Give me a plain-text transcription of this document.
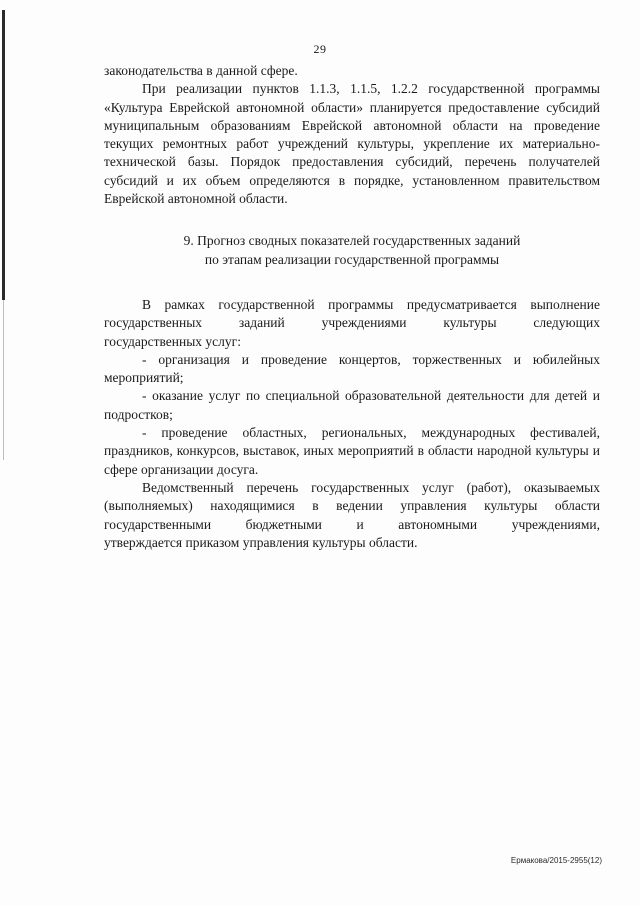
29

законодательства в данной сфере.

При реализации пунктов 1.1.3, 1.1.5, 1.2.2 государственной программы «Культура Еврейской автономной области» планируется предоставление субсидий муниципальным образованиям Еврейской автономной области на проведение текущих ремонтных работ учреждений культуры, укрепление их материально-технической базы. Порядок предоставления субсидий, перечень получателей субсидий и их объем определяются в порядке, установленном правительством Еврейской автономной области.

9. Прогноз сводных показателей государственных заданий

по этапам реализации государственной программы

В рамках государственной программы предусматривается выполнение

государственных заданий учреждениями культуры следующих

государственных услуг:

- организация и проведение концертов, торжественных и юбилейных мероприятий;

- оказание услуг по специальной образовательной деятельности для детей и подростков;

- проведение областных, региональных, международных фестивалей, праздников, конкурсов, выставок, иных мероприятий в области народной культуры и сфере организации досуга.

Ведомственный перечень государственных услуг (работ), оказываемых (выполняемых) находящимися в ведении управления культуры области государственными бюджетными и автономными учреждениями,

утверждается приказом управления культуры области.

Ермакова/2015-2955(12)
